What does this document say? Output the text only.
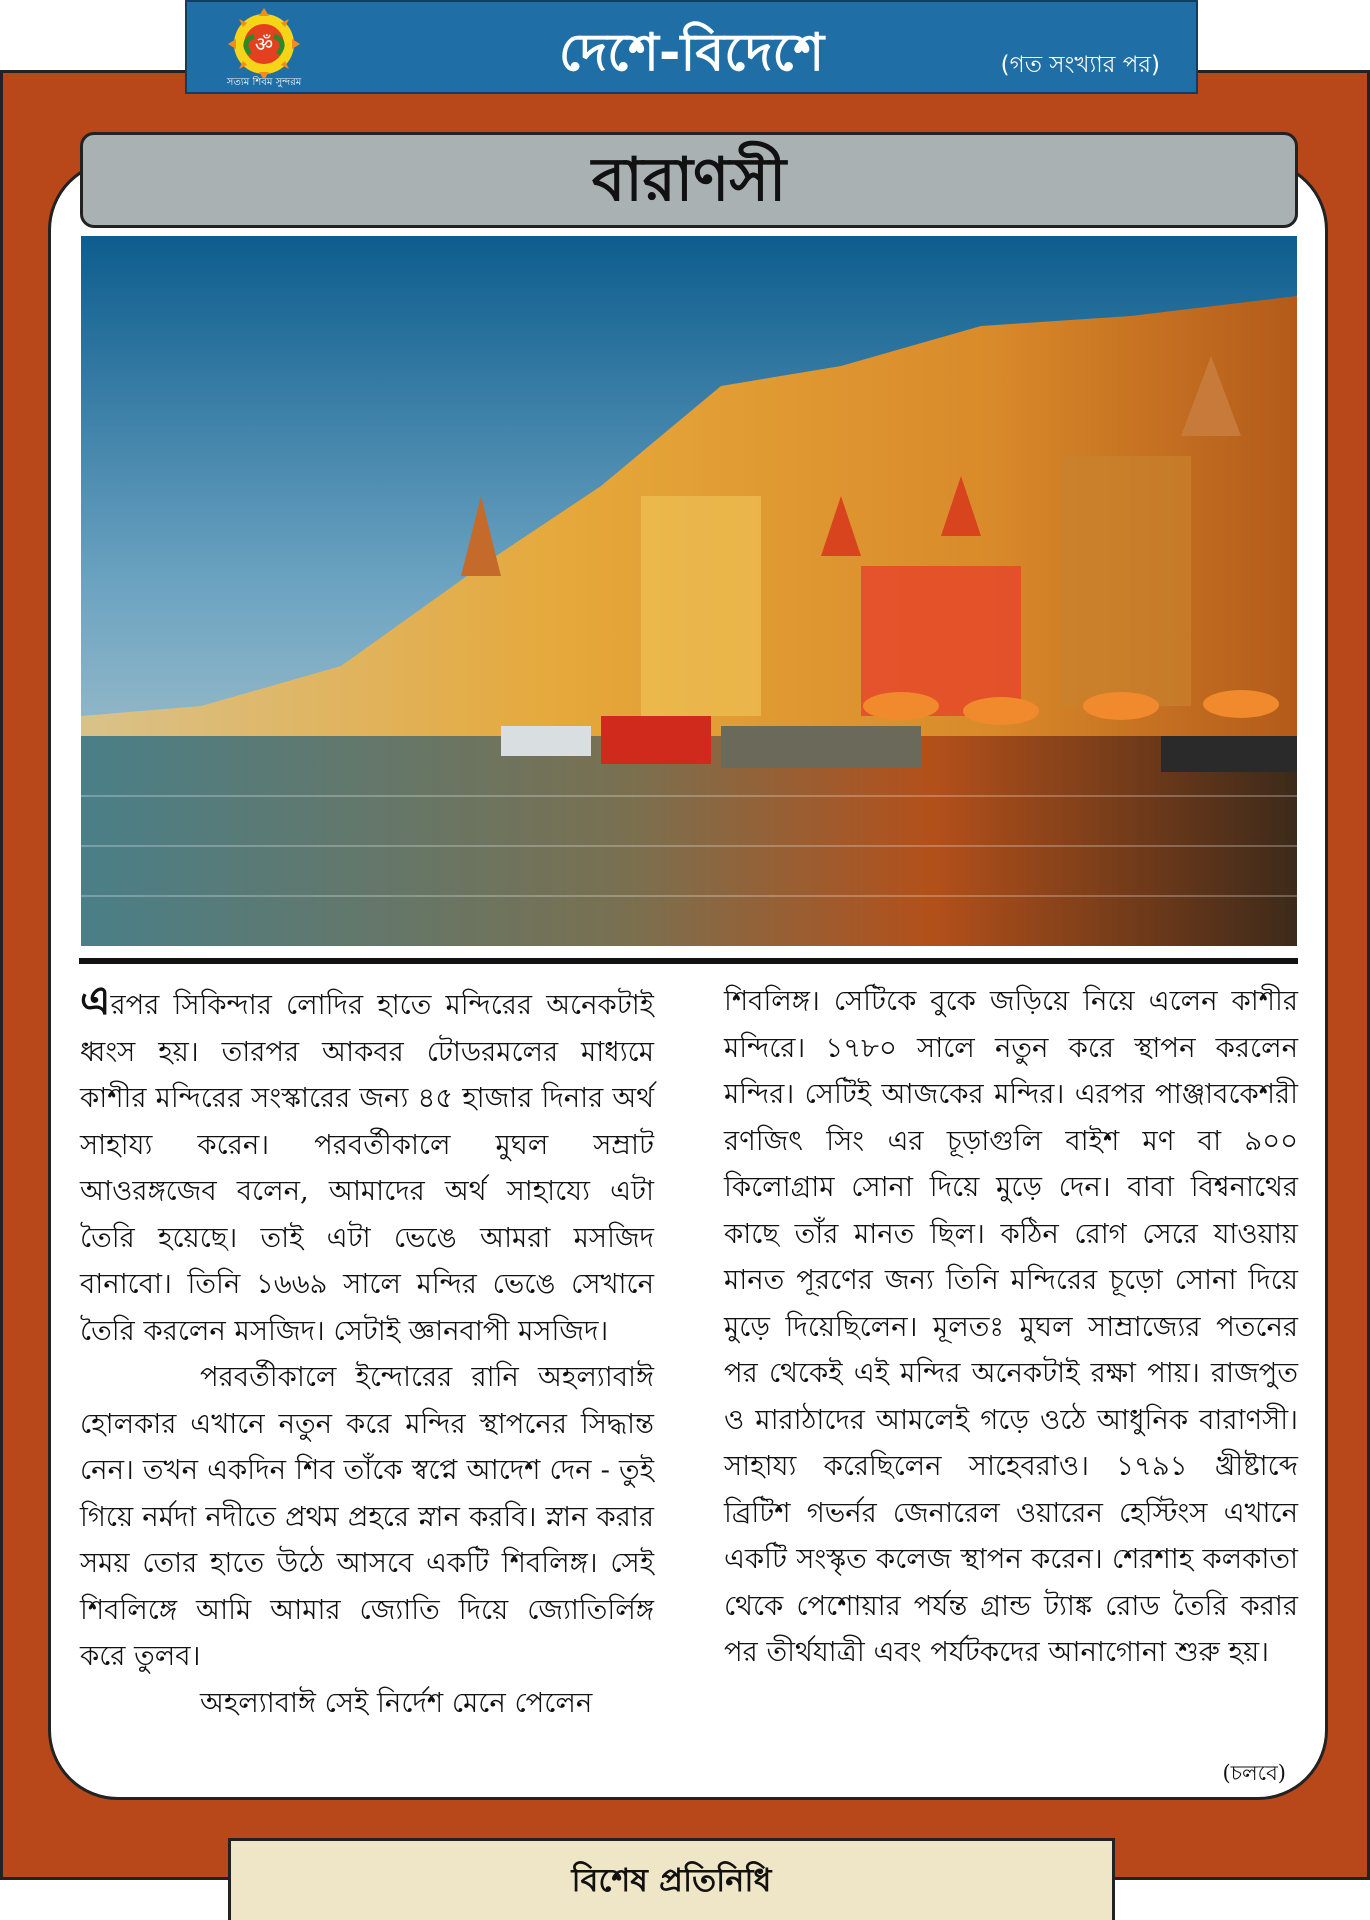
ॐ
সত্যম শিবম সুন্দরম	দেশে-বিদেশে	(গত সংখ্যার পর)
বারাণসী

এরপর সিকিন্দার লোদির হাতে মন্দিরের অনেকটাই ধ্বংস হয়। তারপর আকবর টোডরমলের মাধ্যমে কাশীর মন্দিরের সংস্কারের জন্য ৪৫ হাজার দিনার অর্থ সাহায্য করেন। পরবর্তীকালে মুঘল সম্রাট আওরঙ্গজেব বলেন, আমাদের অর্থ সাহায্যে এটা তৈরি হয়েছে। তাই এটা ভেঙে আমরা মসজিদ বানাবো। তিনি ১৬৬৯ সালে মন্দির ভেঙে সেখানে তৈরি করলেন মসজিদ। সেটাই জ্ঞানবাপী মসজিদ।

পরবর্তীকালে ইন্দোরের রানি অহল্যাবাঈ হোলকার এখানে নতুন করে মন্দির স্থাপনের সিদ্ধান্ত নেন। তখন একদিন শিব তাঁকে স্বপ্নে আদেশ দেন - তুই গিয়ে নর্মদা নদীতে প্রথম প্রহরে স্নান করবি। স্নান করার সময় তোর হাতে উঠে আসবে একটি শিবলিঙ্গ। সেই শিবলিঙ্গে আমি আমার জ্যোতি দিয়ে জ্যোতির্লিঙ্গ করে তুলব।

অহল্যাবাঈ সেই নির্দেশ মেনে পেলেন

শিবলিঙ্গ। সেটিকে বুকে জড়িয়ে নিয়ে এলেন কাশীর মন্দিরে। ১৭৮০ সালে নতুন করে স্থাপন করলেন মন্দির। সেটিই আজকের মন্দির। এরপর পাঞ্জাবকেশরী রণজিৎ সিং এর চূড়াগুলি বাইশ মণ বা ৯০০ কিলোগ্রাম সোনা দিয়ে মুড়ে দেন। বাবা বিশ্বনাথের কাছে তাঁর মানত ছিল। কঠিন রোগ সেরে যাওয়ায় মানত পূরণের জন্য তিনি মন্দিরের চূড়ো সোনা দিয়ে মুড়ে দিয়েছিলেন। মূলতঃ মুঘল সাম্রাজ্যের পতনের পর থেকেই এই মন্দির অনেকটাই রক্ষা পায়। রাজপুত ও মারাঠাদের আমলেই গড়ে ওঠে আধুনিক বারাণসী। সাহায্য করেছিলেন সাহেবরাও। ১৭৯১ খ্রীষ্টাব্দে ব্রিটিশ গভর্নর জেনারেল ওয়ারেন হেস্টিংস এখানে একটি সংস্কৃত কলেজ স্থাপন করেন। শেরশাহ কলকাতা থেকে পেশোয়ার পর্যন্ত গ্রান্ড ট্যাঙ্ক রোড তৈরি করার পর তীর্থযাত্রী এবং পর্যটকদের আনাগোনা শুরু হয়।

(চলবে)
বিশেষ প্রতিনিধি
